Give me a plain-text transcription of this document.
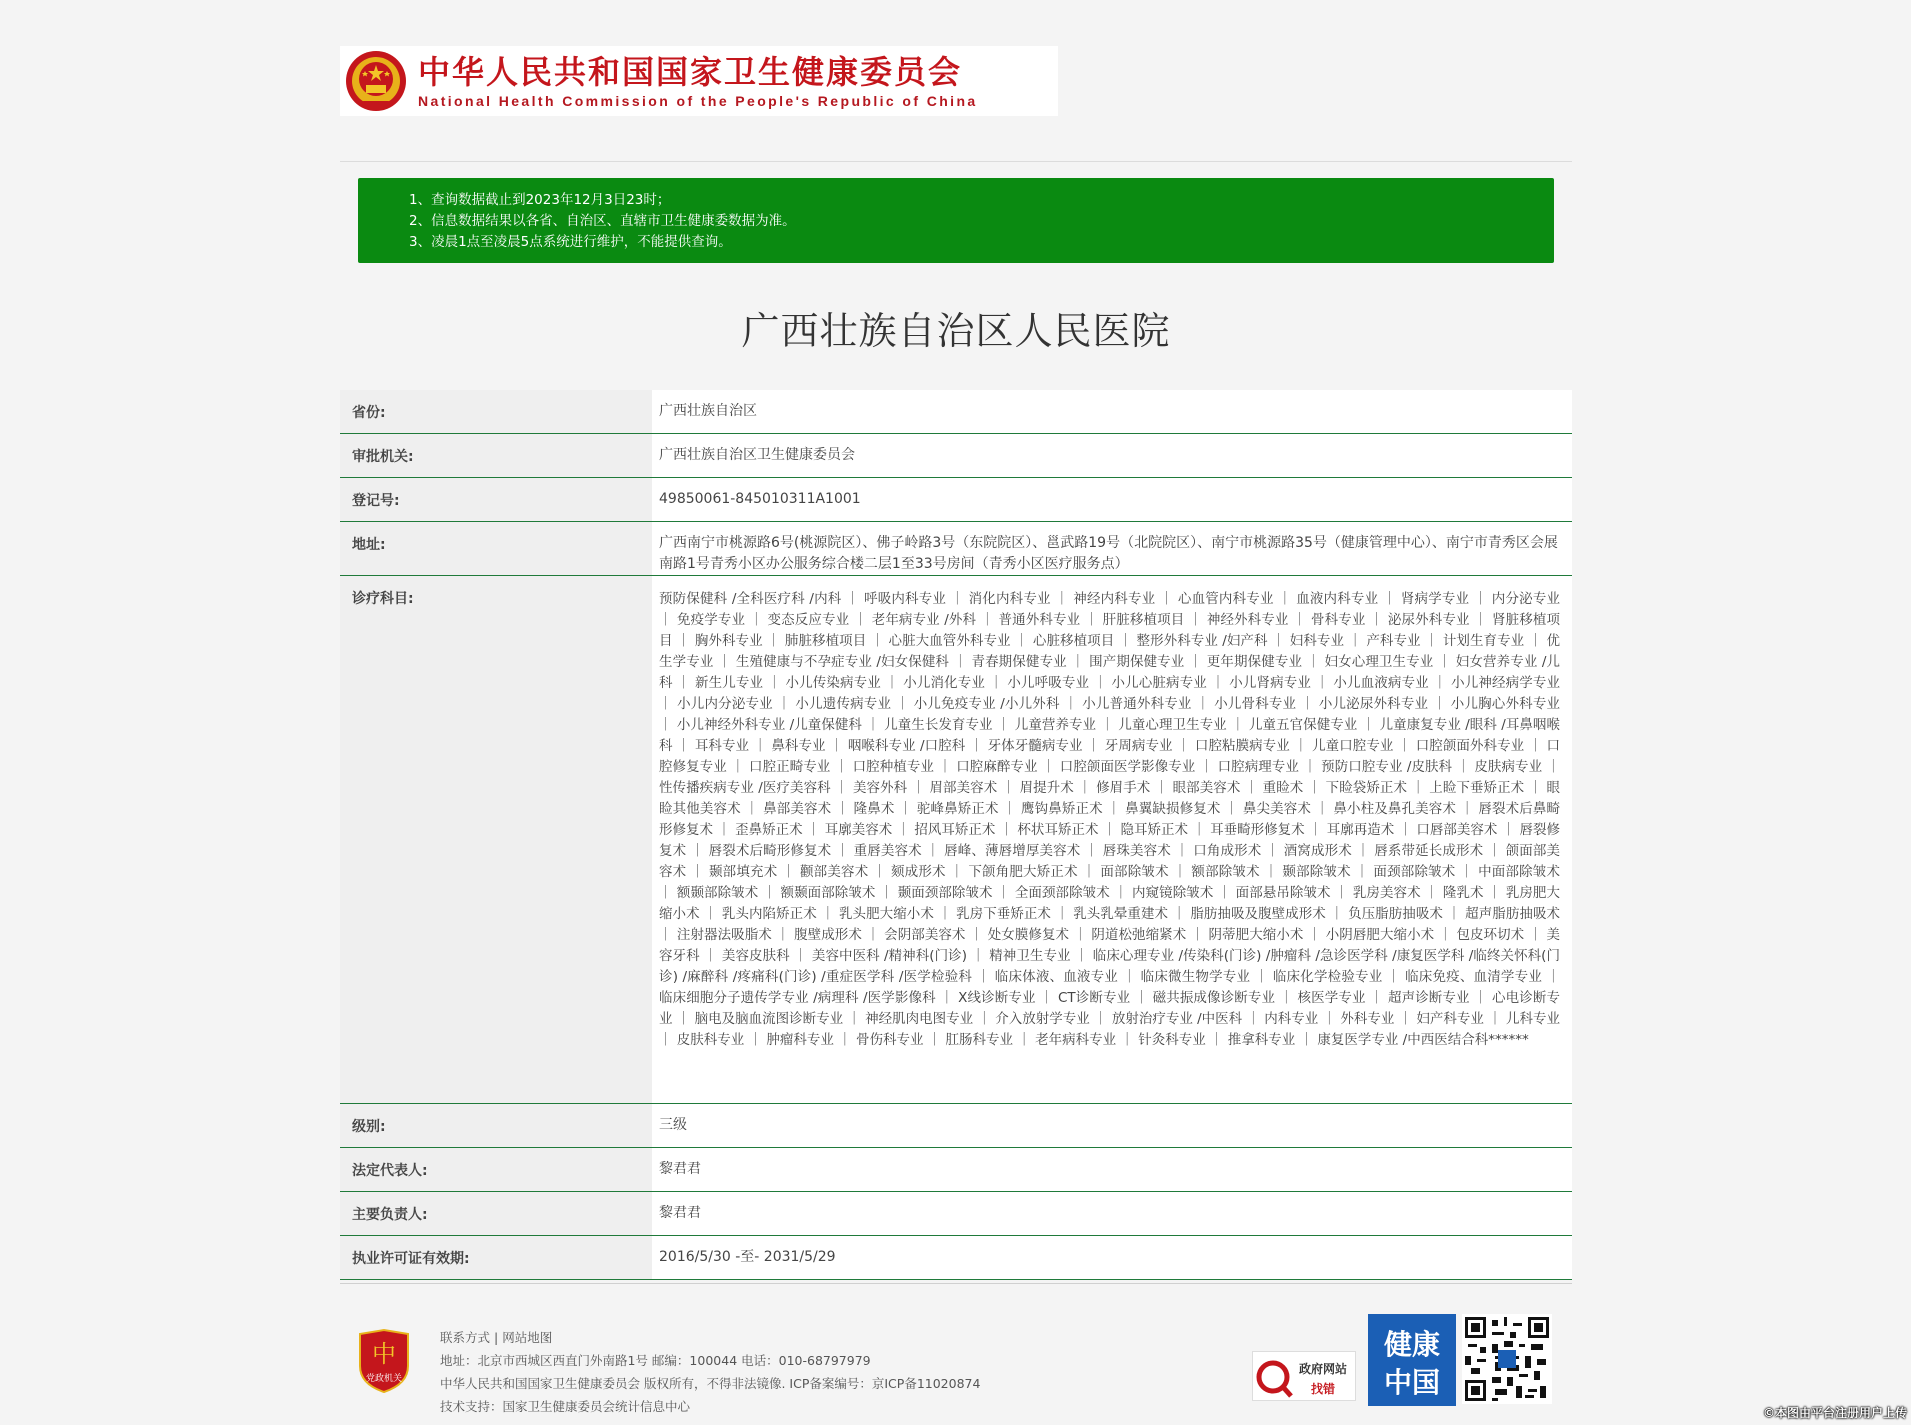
中华人民共和国国家卫生健康委员会
National Health Commission of the People's Republic of China

1、查询数据截止到2023年12月3日23时；

2、信息数据结果以各省、自治区、直辖市卫生健康委数据为准。

3、凌晨1点至凌晨5点系统进行维护，不能提供查询。

广西壮族自治区人民医院
省份:	广西壮族自治区
审批机关:	广西壮族自治区卫生健康委员会
登记号:	49850061-845010311A1001
地址:	广西南宁市桃源路6号(桃源院区）、佛子岭路3号（东院院区）、邕武路19号（北院院区）、南宁市桃源路35号（健康管理中心）、南宁市青秀区会展南路1号青秀小区办公服务综合楼二层1至33号房间（青秀小区医疗服务点）
诊疗科目:	预防保健科 /全科医疗科 /内科 ｜ 呼吸内科专业 ｜ 消化内科专业 ｜ 神经内科专业 ｜ 心血管内科专业 ｜ 血液内科专业 ｜ 肾病学专业 ｜ 内分泌专业 ｜ 免疫学专业 ｜ 变态反应专业 ｜ 老年病专业 /外科 ｜ 普通外科专业 ｜ 肝脏移植项目 ｜ 神经外科专业 ｜ 骨科专业 ｜ 泌尿外科专业 ｜ 肾脏移植项目 ｜ 胸外科专业 ｜ 肺脏移植项目 ｜ 心脏大血管外科专业 ｜ 心脏移植项目 ｜ 整形外科专业 /妇产科 ｜ 妇科专业 ｜ 产科专业 ｜ 计划生育专业 ｜ 优生学专业 ｜ 生殖健康与不孕症专业 /妇女保健科 ｜ 青春期保健专业 ｜ 围产期保健专业 ｜ 更年期保健专业 ｜ 妇女心理卫生专业 ｜ 妇女营养专业 /儿科 ｜ 新生儿专业 ｜ 小儿传染病专业 ｜ 小儿消化专业 ｜ 小儿呼吸专业 ｜ 小儿心脏病专业 ｜ 小儿肾病专业 ｜ 小儿血液病专业 ｜ 小儿神经病学专业 ｜ 小儿内分泌专业 ｜ 小儿遗传病专业 ｜ 小儿免疫专业 /小儿外科 ｜ 小儿普通外科专业 ｜ 小儿骨科专业 ｜ 小儿泌尿外科专业 ｜ 小儿胸心外科专业 ｜ 小儿神经外科专业 /儿童保健科 ｜ 儿童生长发育专业 ｜ 儿童营养专业 ｜ 儿童心理卫生专业 ｜ 儿童五官保健专业 ｜ 儿童康复专业 /眼科 /耳鼻咽喉科 ｜ 耳科专业 ｜ 鼻科专业 ｜ 咽喉科专业 /口腔科 ｜ 牙体牙髓病专业 ｜ 牙周病专业 ｜ 口腔粘膜病专业 ｜ 儿童口腔专业 ｜ 口腔颌面外科专业 ｜ 口腔修复专业 ｜ 口腔正畸专业 ｜ 口腔种植专业 ｜ 口腔麻醉专业 ｜ 口腔颌面医学影像专业 ｜ 口腔病理专业 ｜ 预防口腔专业 /皮肤科 ｜ 皮肤病专业 ｜ 性传播疾病专业 /医疗美容科 ｜ 美容外科 ｜ 眉部美容术 ｜ 眉提升术 ｜ 修眉手术 ｜ 眼部美容术 ｜ 重睑术 ｜ 下睑袋矫正术 ｜ 上睑下垂矫正术 ｜ 眼睑其他美容术 ｜ 鼻部美容术 ｜ 隆鼻术 ｜ 驼峰鼻矫正术 ｜ 鹰钩鼻矫正术 ｜ 鼻翼缺损修复术 ｜ 鼻尖美容术 ｜ 鼻小柱及鼻孔美容术 ｜ 唇裂术后鼻畸形修复术 ｜ 歪鼻矫正术 ｜ 耳廓美容术 ｜ 招风耳矫正术 ｜ 杯状耳矫正术 ｜ 隐耳矫正术 ｜ 耳垂畸形修复术 ｜ 耳廓再造术 ｜ 口唇部美容术 ｜ 唇裂修复术 ｜ 唇裂术后畸形修复术 ｜ 重唇美容术 ｜ 唇峰、薄唇增厚美容术 ｜ 唇珠美容术 ｜ 口角成形术 ｜ 酒窝成形术 ｜ 唇系带延长成形术 ｜ 颌面部美容术 ｜ 颞部填充术 ｜ 颧部美容术 ｜ 颏成形术 ｜ 下颌角肥大矫正术 ｜ 面部除皱术 ｜ 额部除皱术 ｜ 颞部除皱术 ｜ 面颈部除皱术 ｜ 中面部除皱术 ｜ 额颞部除皱术 ｜ 额颞面部除皱术 ｜ 颞面颈部除皱术 ｜ 全面颈部除皱术 ｜ 内窥镜除皱术 ｜ 面部悬吊除皱术 ｜ 乳房美容术 ｜ 隆乳术 ｜ 乳房肥大缩小术 ｜ 乳头内陷矫正术 ｜ 乳头肥大缩小术 ｜ 乳房下垂矫正术 ｜ 乳头乳晕重建术 ｜ 脂肪抽吸及腹壁成形术 ｜ 负压脂肪抽吸术 ｜ 超声脂肪抽吸术 ｜ 注射器法吸脂术 ｜ 腹壁成形术 ｜ 会阴部美容术 ｜ 处女膜修复术 ｜ 阴道松弛缩紧术 ｜ 阴蒂肥大缩小术 ｜ 小阴唇肥大缩小术 ｜ 包皮环切术 ｜ 美容牙科 ｜ 美容皮肤科 ｜ 美容中医科 /精神科(门诊) ｜ 精神卫生专业 ｜ 临床心理专业 /传染科(门诊) /肿瘤科 /急诊医学科 /康复医学科 /临终关怀科(门诊) /麻醉科 /疼痛科(门诊) /重症医学科 /医学检验科 ｜ 临床体液、血液专业 ｜ 临床微生物学专业 ｜ 临床化学检验专业 ｜ 临床免疫、血清学专业 ｜ 临床细胞分子遗传学专业 /病理科 /医学影像科 ｜ X线诊断专业 ｜ CT诊断专业 ｜ 磁共振成像诊断专业 ｜ 核医学专业 ｜ 超声诊断专业 ｜ 心电诊断专业 ｜ 脑电及脑血流图诊断专业 ｜ 神经肌肉电图专业 ｜ 介入放射学专业 ｜ 放射治疗专业 /中医科 ｜ 内科专业 ｜ 外科专业 ｜ 妇产科专业 ｜ 儿科专业 ｜ 皮肤科专业 ｜ 肿瘤科专业 ｜ 骨伤科专业 ｜ 肛肠科专业 ｜ 老年病科专业 ｜ 针灸科专业 ｜ 推拿科专业 ｜ 康复医学专业 /中西医结合科******
级别:	三级
法定代表人:	黎君君
主要负责人:	黎君君
执业许可证有效期:	2016/5/30 -至- 2031/5/29
中
党政机关
联系方式 | 网站地图
地址：北京市西城区西直门外南路1号 邮编：100044 电话：010-68797979
中华人民共和国国家卫生健康委员会 版权所有，不得非法镜像. ICP备案编号：京ICP备11020874
技术支持：国家卫生健康委员会统计信息中心
政府网站
找错
健康
中国
©本图由平台注册用户上传
